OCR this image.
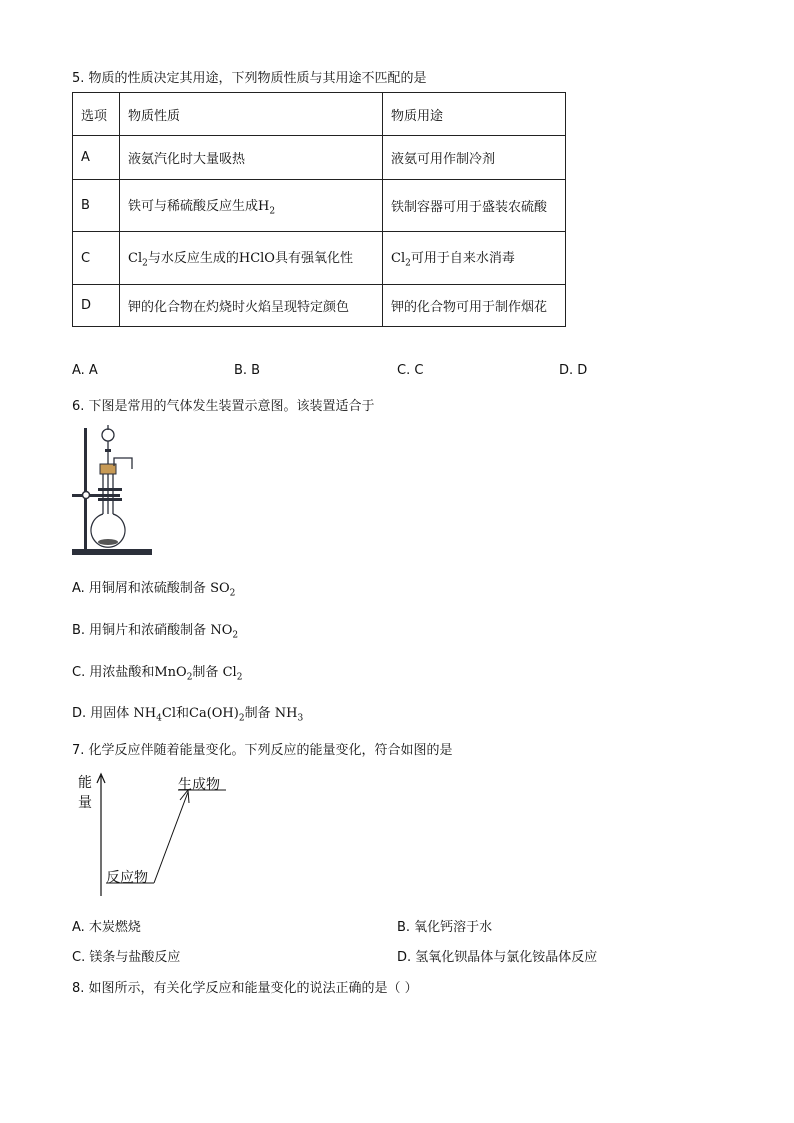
5. 物质的性质决定其用途，下列物质性质与其用途不匹配的是
选项	物质性质	物质用途
A	液氨汽化时大量吸热	液氨可用作制冷剂
B	铁可与稀硫酸反应生成$H_2$	铁制容器可用于盛装农硫酸
C	$Cl_2$与水反应生成的HClO具有强氧化性	$Cl_2$可用于自来水消毒
D	钾的化合物在灼烧时火焰呈现特定颜色	钾的化合物可用于制作烟花
A. A	B. B	C. C	D. D
6. 下图是常用的气体发生装置示意图。该装置适合于
A. 用铜屑和浓硫酸制备 $SO_2$
B. 用铜片和浓硝酸制备 $NO_2$
C. 用浓盐酸和MnO$_2$制备 $Cl_2$
D. 用固体 $NH_4Cl$和$Ca(OH)_2$制备 $NH_3$
7. 化学反应伴随着能量变化。下列反应的能量变化，符合如图的是
能
量
生成物
反应物
A. 木炭燃烧	B. 氧化钙溶于水
C. 镁条与盐酸反应	D. 氢氧化钡晶体与氯化铵晶体反应
8. 如图所示，有关化学反应和能量变化的说法正确的是（ ）
